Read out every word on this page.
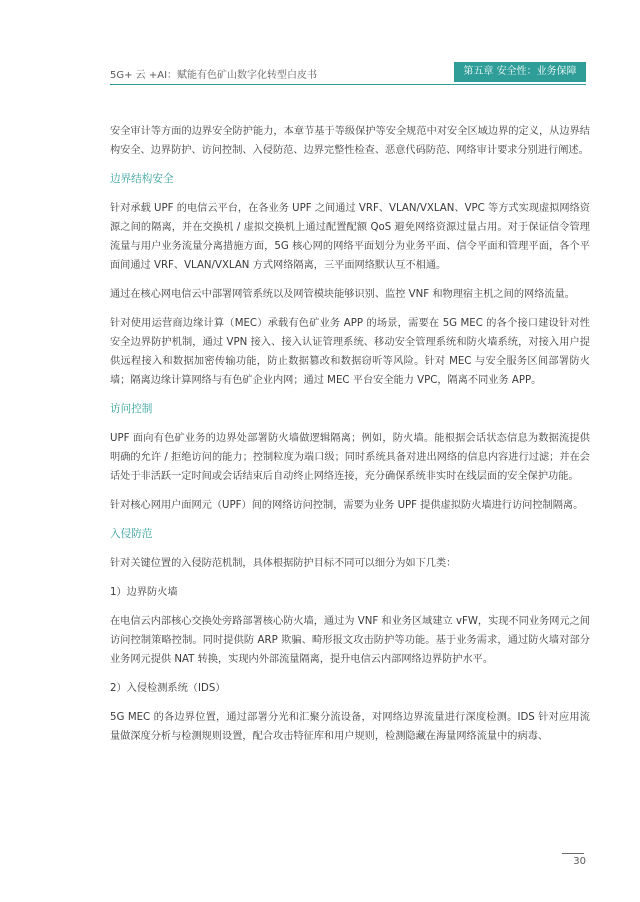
5G+ 云 +AI：赋能有色矿山数字化转型白皮书	第五章 安全性：业务保障

安全审计等方面的边界安全防护能力，本章节基于等级保护等安全规范中对安全区域边界的定义，从边界结构安全、边界防护、访问控制、入侵防范、边界完整性检查、恶意代码防范、网络审计要求分别进行阐述。

边界结构安全

针对承载 UPF 的电信云平台，在各业务 UPF 之间通过 VRF、VLAN/VXLAN、VPC 等方式实现虚拟网络资源之间的隔离，并在交换机 / 虚拟交换机上通过配置配额 QoS 避免网络资源过量占用。对于保证信令管理流量与用户业务流量分离措施方面，5G 核心网的网络平面划分为业务平面、信令平面和管理平面，各个平面间通过 VRF、VLAN/VXLAN 方式网络隔离，三平面网络默认互不相通。

通过在核心网电信云中部署网管系统以及网管模块能够识别、监控 VNF 和物理宿主机之间的网络流量。

针对使用运营商边缘计算（MEC）承载有色矿业务 APP 的场景，需要在 5G MEC 的各个接口建设针对性安全边界防护机制，通过 VPN 接入、接入认证管理系统、移动安全管理系统和防火墙系统，对接入用户提供远程接入和数据加密传输功能，防止数据篡改和数据窃听等风险。针对 MEC 与安全服务区间部署防火墙；隔离边缘计算网络与有色矿企业内网；通过 MEC 平台安全能力 VPC，隔离不同业务 APP。

访问控制

UPF 面向有色矿业务的边界处部署防火墙做逻辑隔离；例如，防火墙。能根据会话状态信息为数据流提供明确的允许 / 拒绝访问的能力；控制粒度为端口级；同时系统具备对进出网络的信息内容进行过滤；并在会话处于非活跃一定时间或会话结束后自动终止网络连接，充分确保系统非实时在线层面的安全保护功能。

针对核心网用户面网元（UPF）间的网络访问控制，需要为业务 UPF 提供虚拟防火墙进行访问控制隔离。

入侵防范

针对关键位置的入侵防范机制，具体根据防护目标不同可以细分为如下几类：

1）边界防火墙

在电信云内部核心交换处旁路部署核心防火墙，通过为 VNF 和业务区域建立 vFW，实现不同业务网元之间访问控制策略控制。同时提供防 ARP 欺骗、畸形报文攻击防护等功能。基于业务需求，通过防火墙对部分业务网元提供 NAT 转换，实现内外部流量隔离，提升电信云内部网络边界防护水平。

2）入侵检测系统（IDS）

5G MEC 的各边界位置，通过部署分光和汇聚分流设备，对网络边界流量进行深度检测。IDS 针对应用流量做深度分析与检测规则设置，配合攻击特征库和用户规则，检测隐藏在海量网络流量中的病毒、

30
